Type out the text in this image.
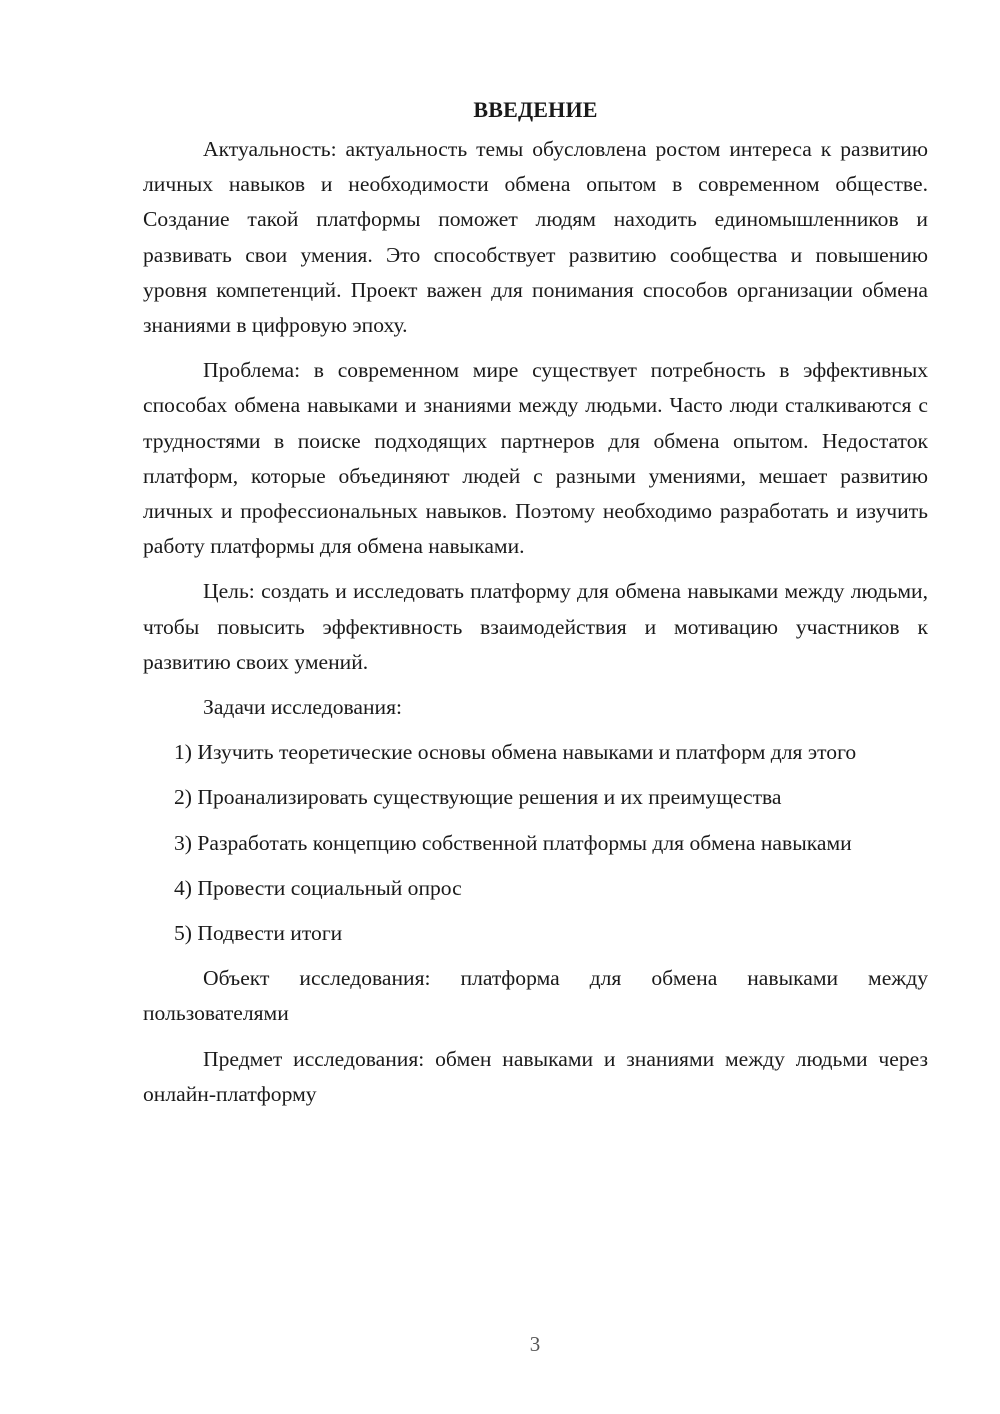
ВВЕДЕНИЕ

Актуальность: актуальность темы обусловлена ростом интереса к развитию личных навыков и необходимости обмена опытом в современном обществе. Создание такой платформы поможет людям находить единомышленников и развивать свои умения. Это способствует развитию сообщества и повышению уровня компетенций. Проект важен для понимания способов организации обмена знаниями в цифровую эпоху.

Проблема: в современном мире существует потребность в эффективных способах обмена навыками и знаниями между людьми. Часто люди сталкиваются с трудностями в поиске подходящих партнеров для обмена опытом. Недостаток платформ, которые объединяют людей с разными умениями, мешает развитию личных и профессиональных навыков. Поэтому необходимо разработать и изучить работу платформы для обмена навыками.

Цель: создать и исследовать платформу для обмена навыками между людьми, чтобы повысить эффективность взаимодействия и мотивацию участников к развитию своих умений.

Задачи исследования:

1) Изучить теоретические основы обмена навыками и платформ для этого

2) Проанализировать существующие решения и их преимущества

3) Разработать концепцию собственной платформы для обмена навыками

4) Провести социальный опрос

5) Подвести итоги

Объект исследования: платформа для обмена навыками между пользователями

Предмет исследования: обмен навыками и знаниями между людьми через онлайн-платформу

3
